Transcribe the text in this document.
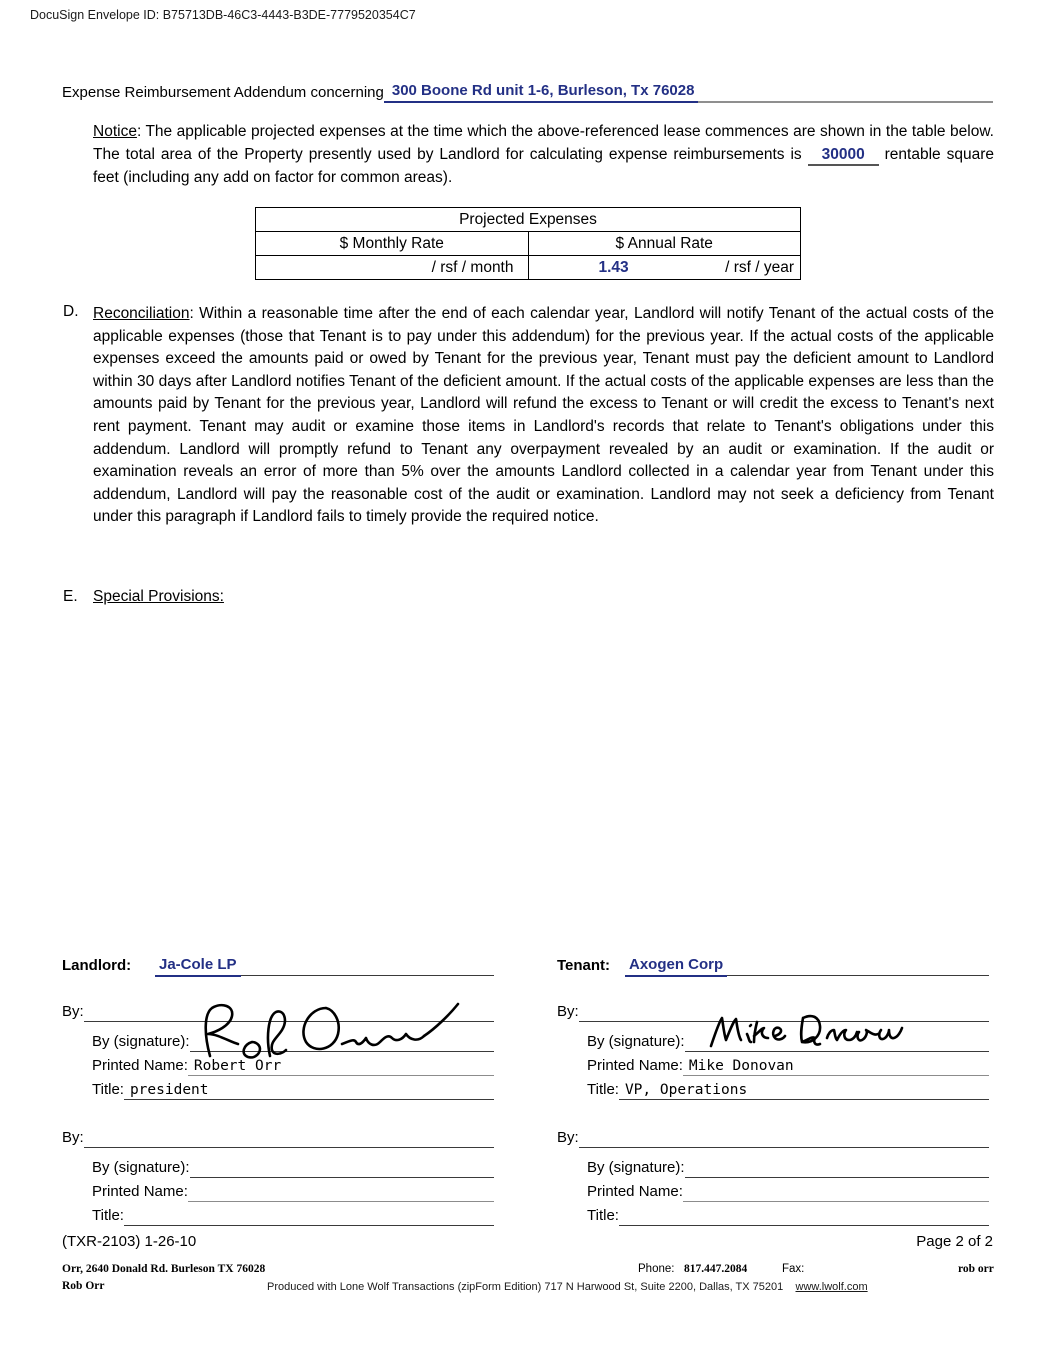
DocuSign Envelope ID: B75713DB-46C3-4443-B3DE-7779520354C7
Expense Reimbursement Addendum concerning 300 Boone Rd unit 1-6, Burleson, Tx 76028
Notice: The applicable projected expenses at the time which the above-referenced lease commences are shown in the table below. The total area of the Property presently used by Landlord for calculating expense reimbursements is 30000 rentable square feet (including any add on factor for common areas).
Projected Expenses	
$ Monthly Rate	$ Annual Rate
/ rsf / month	1.43 / rsf / year
D. Reconciliation: Within a reasonable time after the end of each calendar year, Landlord will notify Tenant of the actual costs of the applicable expenses (those that Tenant is to pay under this addendum) for the previous year. If the actual costs of the applicable expenses exceed the amounts paid or owed by Tenant for the previous year, Tenant must pay the deficient amount to Landlord within 30 days after Landlord notifies Tenant of the deficient amount. If the actual costs of the applicable expenses are less than the amounts paid by Tenant for the previous year, Landlord will refund the excess to Tenant or will credit the excess to Tenant's next rent payment. Tenant may audit or examine those items in Landlord's records that relate to Tenant's obligations under this addendum. Landlord will promptly refund to Tenant any overpayment revealed by an audit or examination. If the audit or examination reveals an error of more than 5% over the amounts Landlord collected in a calendar year from Tenant under this addendum, Landlord will pay the reasonable cost of the audit or examination. Landlord may not seek a deficiency from Tenant under this paragraph if Landlord fails to timely provide the required notice.
E. Special Provisions:
Landlord:	Ja-Cole LP
By:
By (signature):
Printed Name: Robert Orr
Title: president
By:
By (signature):
Printed Name:
Title:
Tenant:	Axogen Corp
By:
By (signature):
Printed Name: Mike Donovan
Title: VP, Operations
By:
By (signature):
Printed Name:
Title:
(TXR-2103) 1-26-10	Page 2 of 2
Orr, 2640 Donald Rd. Burleson TX 76028	Phone: 817.447.2084	Fax:	rob orr
Rob Orr	Produced with Lone Wolf Transactions (zipForm Edition) 717 N Harwood St, Suite 2200, Dallas, TX 75201 www.lwolf.com
